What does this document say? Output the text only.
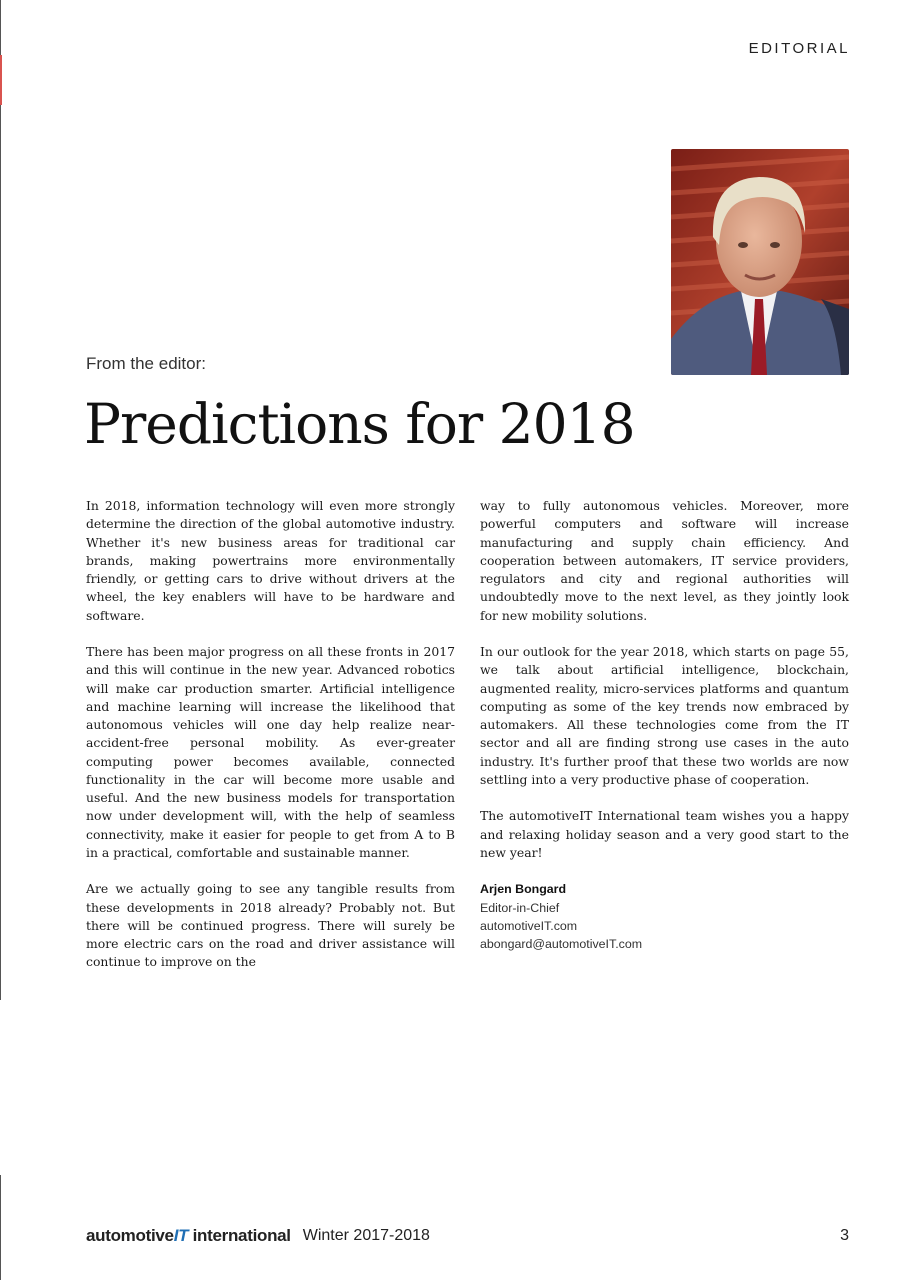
EDITORIAL
From the editor:
Predictions for 2018

In 2018, information technology will even more strongly determine the direction of the global automotive industry. Whether it's new business areas for traditional car brands, making powertrains more environmentally friendly, or getting cars to drive without drivers at the wheel, the key enablers will have to be hardware and software.

There has been major progress on all these fronts in 2017 and this will continue in the new year. Advanced robotics will make car production smarter. Artificial intelligence and machine learning will increase the likelihood that autonomous vehicles will one day help realize near-accident-free personal mobility. As ever-greater computing power becomes available, connected functionality in the car will become more usable and useful. And the new business models for transportation now under development will, with the help of seamless connectivity, make it easier for people to get from A to B in a practical, comfortable and sustainable manner.

Are we actually going to see any tangible results from these developments in 2018 already? Probably not. But there will be continued progress. There will surely be more electric cars on the road and driver assistance will continue to improve on the

way to fully autonomous vehicles. Moreover, more powerful computers and software will increase manufacturing and supply chain efficiency. And cooperation between automakers, IT service providers, regulators and city and regional authorities will undoubtedly move to the next level, as they jointly look for new mobility solutions.

In our outlook for the year 2018, which starts on page 55, we talk about artificial intelligence, blockchain, augmented reality, micro-services platforms and quantum computing as some of the key trends now embraced by automakers. All these technologies come from the IT sector and all are finding strong use cases in the auto industry. It's further proof that these two worlds are now settling into a very productive phase of cooperation.

The automotiveIT International team wishes you a happy and relaxing holiday season and a very good start to the new year!

Arjen Bongard
Editor-in-Chief
automotiveIT.com
abongard@automotiveIT.com
automotiveIT international Winter 2017-2018	3
